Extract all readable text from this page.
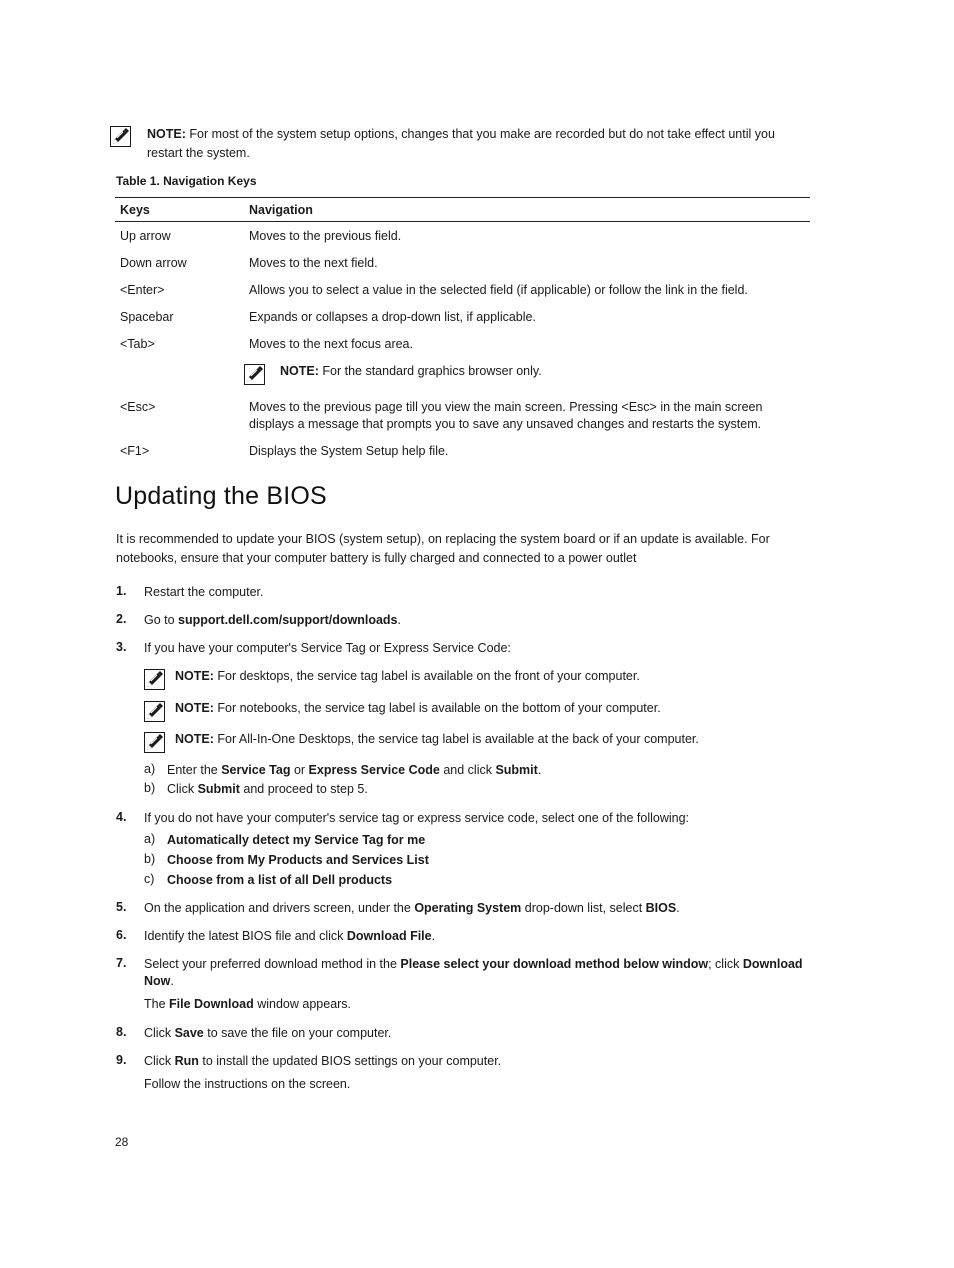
NOTE: For most of the system setup options, changes that you make are recorded but do not take effect until you
restart the system.
Table 1. Navigation Keys
Keys	Navigation
Up arrow	Moves to the previous field.
Down arrow	Moves to the next field.
<Enter>	Allows you to select a value in the selected field (if applicable) or follow the link in the field.
Spacebar	Expands or collapses a drop-down list, if applicable.
<Tab>	Moves to the next focus area.
NOTE: For the standard graphics browser only.
<Esc>	Moves to the previous page till you view the main screen. Pressing <Esc> in the main screen
displays a message that prompts you to save any unsaved changes and restarts the system.
<F1>	Displays the System Setup help file.
Updating the BIOS
It is recommended to update your BIOS (system setup), on replacing the system board or if an update is available. For
notebooks, ensure that your computer battery is fully charged and connected to a power outlet
1. Restart the computer.
2. Go to support.dell.com/support/downloads.
3. If you have your computer's Service Tag or Express Service Code:
NOTE: For desktops, the service tag label is available on the front of your computer.
NOTE: For notebooks, the service tag label is available on the bottom of your computer.
NOTE: For All-In-One Desktops, the service tag label is available at the back of your computer.
a) Enter the Service Tag or Express Service Code and click Submit.
b) Click Submit and proceed to step 5.
4. If you do not have your computer's service tag or express service code, select one of the following:
a) Automatically detect my Service Tag for me
b) Choose from My Products and Services List
c) Choose from a list of all Dell products
5. On the application and drivers screen, under the Operating System drop-down list, select BIOS.
6. Identify the latest BIOS file and click Download File.
7. Select your preferred download method in the Please select your download method below window; click Download
Now.
The File Download window appears.
8. Click Save to save the file on your computer.
9. Click Run to install the updated BIOS settings on your computer.
Follow the instructions on the screen.
28
